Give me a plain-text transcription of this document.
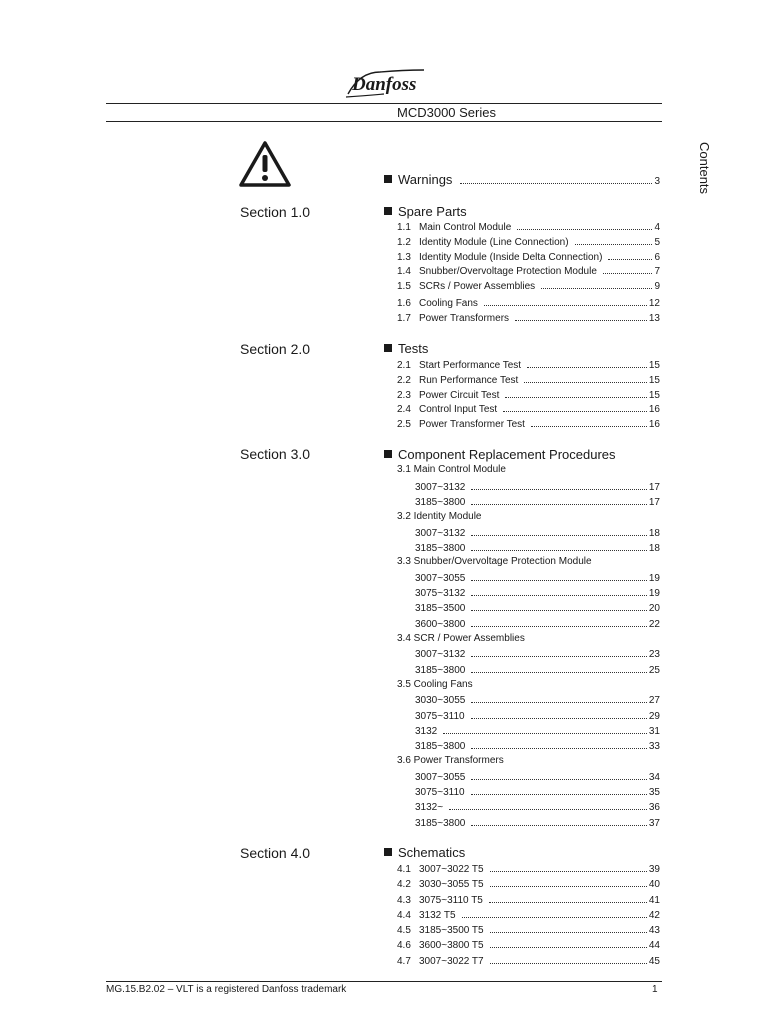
Danfoss
MCD3000 Series
Contents
Warnings	3
Section 1.0	Spare Parts
1.1 Main Control Module	4
1.2 Identity Module (Line Connection)	5
1.3 Identity Module (Inside Delta Connection)	6
1.4 Snubber/Overvoltage Protection Module	7
1.5 SCRs / Power Assemblies	9
1.6 Cooling Fans	12
1.7 Power Transformers	13
Section 2.0	Tests
2.1 Start Performance Test	15
2.2 Run Performance Test	15
2.3 Power Circuit Test	15
2.4 Control Input Test	16
2.5 Power Transformer Test	16
Section 3.0	Component Replacement Procedures
3.1 Main Control Module
3007~3132	17
3185~3800	17
3.2 Identity Module
3007~3132	18
3185~3800	18
3.3 Snubber/Overvoltage Protection Module
3007~3055	19
3075~3132	19
3185~3500	20
3600~3800	22
3.4 SCR / Power Assemblies
3007~3132	23
3185~3800	25
3.5 Cooling Fans
3030~3055	27
3075~3110	29
3132	31
3185~3800	33
3.6 Power Transformers
3007~3055	34
3075~3110	35
3132~	36
3185~3800	37
Section 4.0	Schematics
4.1 3007~3022 T5	39
4.2 3030~3055 T5	40
4.3 3075~3110 T5	41
4.4 3132 T5	42
4.5 3185~3500 T5	43
4.6 3600~3800 T5	44
4.7 3007~3022 T7	45
MG.15.B2.02 – VLT is a registered Danfoss trademark	1
